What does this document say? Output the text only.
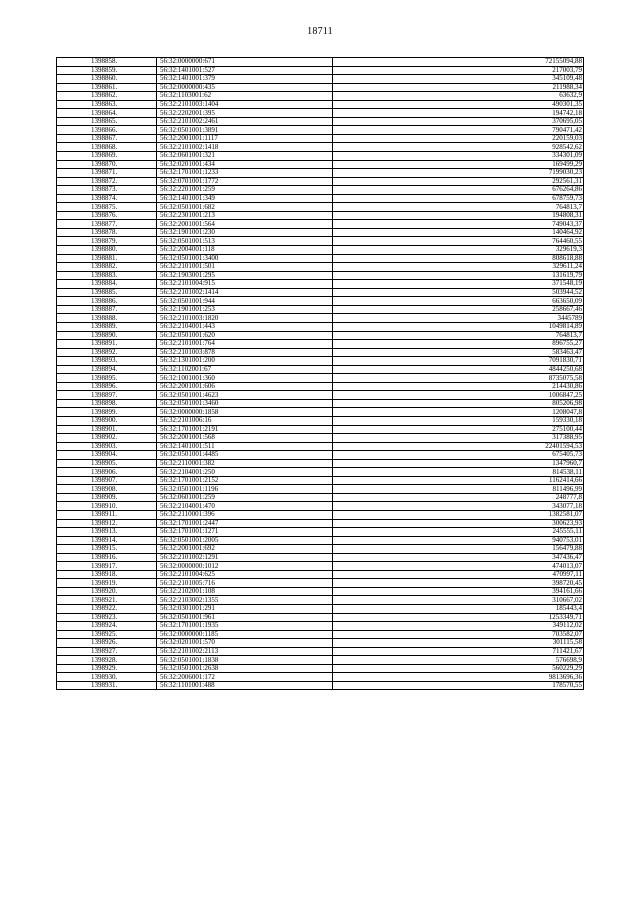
18711
1398858.	56:32:0000000:671	72155094,88
1398859.	56:32:1401001:527	217003,79
1398860.	56:32:1401001:379	345109,48
1398861.	56:32:0000000:435	211988,34
1398862.	56:32:1103001:62	63632,9
1398863.	56:32:2101003:1404	490301,35
1398864.	56:32:2202001:395	194742,18
1398865.	56:32:2101002:2461	370695,05
1398866.	56:32:0501001:3891	790471,42
1398867.	56:32:2001001:1117	220159,03
1398868.	56:32:2101002:1418	928542,62
1398869.	56:32:0601001:321	334301,09
1398870.	56:32:0201001:434	169499,29
1398871.	56:32:1701001:1233	7199030,23
1398872.	56:32:0701001:1772	292561,31
1398873.	56:32:2201001:259	676264,86
1398874.	56:32:1401001:349	678759,73
1398875.	56:32:0501001:682	764813,7
1398876.	56:32:2301001:213	194808,31
1398877.	56:32:2001001:564	749043,37
1398878.	56:32:1901001:230	140464,92
1398879.	56:32:0501001:513	764460,55
1398880.	56:32:2004001:118	329619,3
1398881.	56:32:0501001:3400	808618,88
1398882.	56:32:2101001:501	329611,24
1398883.	56:32:1903001:295	131619,79
1398884.	56:32:2101004:915	371548,19
1398885.	56:32:2101002:1414	503944,52
1398886.	56:32:0501001:944	663650,09
1398887.	56:32:1901001:253	258667,46
1398888.	56:32:2101003:1820	3445789
1398889.	56:32:2104001:443	1049814,89
1398890.	56:32:0501001:620	764813,7
1398891.	56:32:2101001:764	896755,27
1398892.	56:32:2101003:878	583463,47
1398893.	56:32:1301001:200	7091830,71
1398894.	56:32:1102001:67	4844250,68
1398895.	56:32:1001001:360	8735075,58
1398896.	56:32:2001001:606	214430,86
1398897.	56:32:0501001:4623	1006847,25
1398898.	56:32:0501001:3460	805206,98
1398899.	56:32:0000000:1858	1208047,8
1398900.	56:32:2101006:16	159330,18
1398901.	56:32:1701001:2191	275100,44
1398902.	56:32:2001001:568	317388,95
1398903.	56:32:1401001:511	22401594,53
1398904.	56:32:0501001:4485	675405,73
1398905.	56:32:2110001:382	1347960,7
1398906.	56:32:2104001:250	814538,11
1398907.	56:32:1701001:2152	1162414,66
1398908.	56:32:0501001:1196	811496,99
1398909.	56:32:0601001:259	248777,8
1398910.	56:32:2104001:470	343077,18
1398911.	56:32:2110001:396	1382581,07
1398912.	56:32:1701001:2447	300623,93
1398913.	56:32:1701001:1271	245555,11
1398914.	56:32:0501001:2005	940753,01
1398915.	56:32:2001001:692	156479,88
1398916.	56:32:2101002:1291	347436,47
1398917.	56:32:0000000:1012	474013,07
1398918.	56:32:2101004:625	470997,11
1398919.	56:32:2101005:716	398720,45
1398920.	56:32:2102001:108	394161,66
1398921.	56:32:2103002:1355	310667,02
1398922.	56:32:0301001:291	185443,4
1398923.	56:32:0501001:961	1253349,71
1398924.	56:32:1701001:1935	349112,02
1398925.	56:32:0000000:1185	703582,07
1398926.	56:32:0201001:570	301115,58
1398927.	56:32:2101002:2113	711421,67
1398928.	56:32:0501001:1838	576698,9
1398929.	56:32:0501001:2638	560229,29
1398930.	56:32:2006001:172	9813696,36
1398931.	56:32:1101001:488	178570,55
